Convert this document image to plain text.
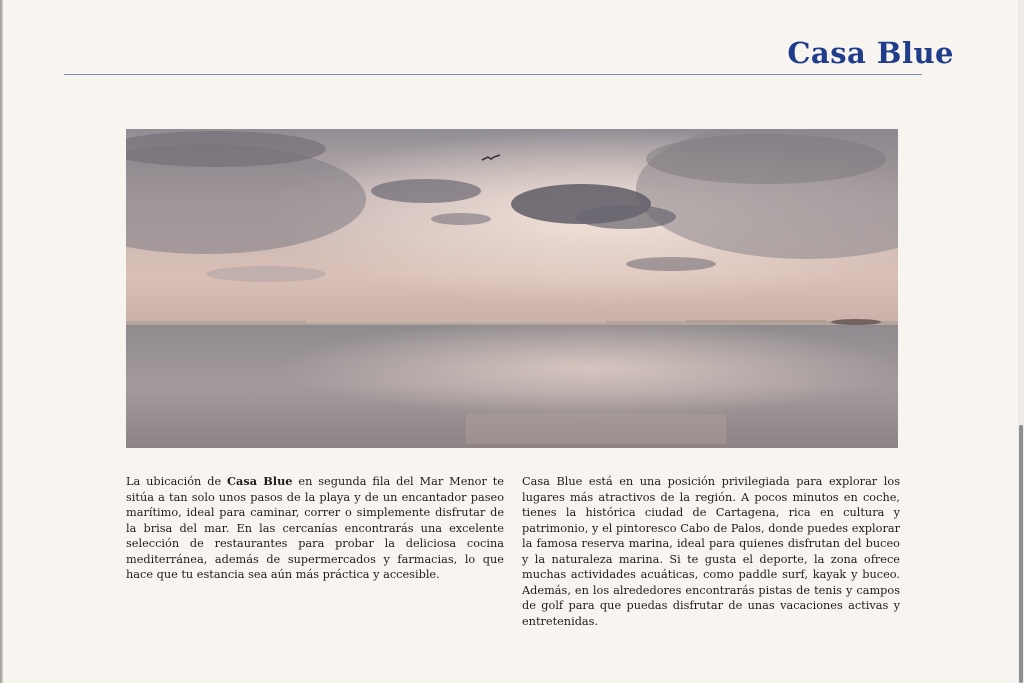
Casa Blue
La ubicación de Casa Blue en segunda fila del Mar Menor te sitúa a tan solo unos pasos de la playa y de un encantador paseo marítimo, ideal para caminar, correr o simplemente disfrutar de la brisa del mar. En las cercanías encontrarás una excelente selección de restaurantes para probar la deliciosa cocina mediterránea, además de supermercados y farmacias, lo que hace que tu estancia sea aún más práctica y accesible.
Casa Blue está en una posición privilegiada para explorar los lugares más atractivos de la región. A pocos minutos en coche, tienes la histórica ciudad de Cartagena, rica en cultura y patrimonio, y el pintoresco Cabo de Palos, donde puedes explorar la famosa reserva marina, ideal para quienes disfrutan del buceo y la naturaleza marina. Si te gusta el deporte, la zona ofrece muchas actividades acuáticas, como paddle surf, kayak y buceo. Además, en los alrededores encontrarás pistas de tenis y campos de golf para que puedas disfrutar de unas vacaciones activas y entretenidas.
